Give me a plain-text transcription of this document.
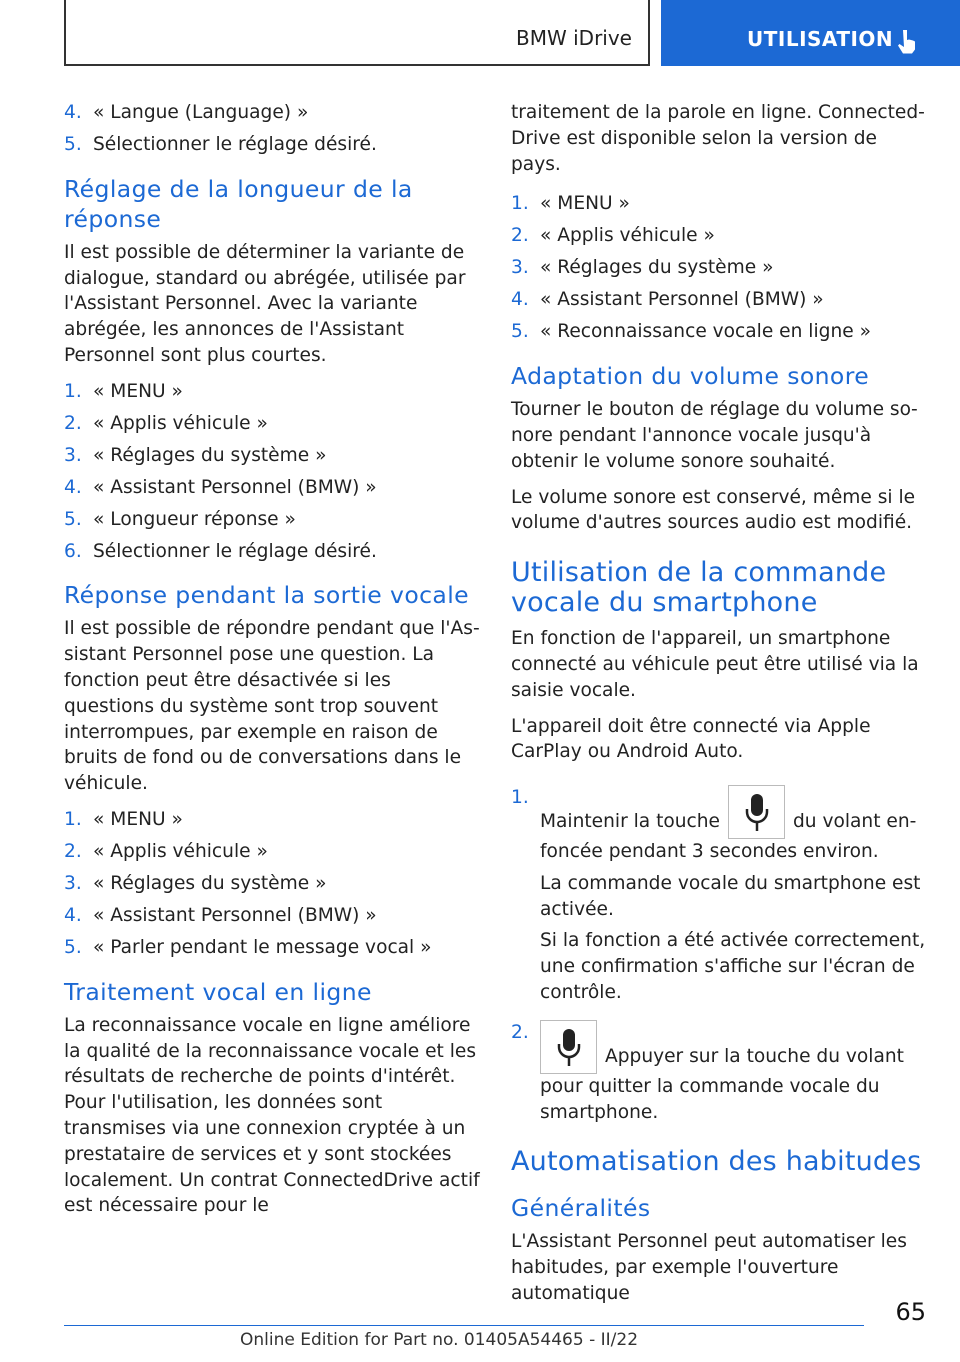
BMW iDrive	UTILISATION
4. « Langue (Language) »
5. Sélectionner le réglage désiré.
Réglage de la longueur de la réponse

Il est possible de déterminer la variante de dialogue, standard ou abrégée, utilisée par l'Assistant Personnel. Avec la variante abrégée, les annonces de l'Assistant Personnel sont plus courtes.

1. « MENU »
2. « Applis véhicule »
3. « Réglages du système »
4. « Assistant Personnel (BMW) »
5. « Longueur réponse »
6. Sélectionner le réglage désiré.
Réponse pendant la sortie vocale

Il est possible de répondre pendant que l'Assistant Personnel pose une question. La fonction peut être désactivée si les questions du système sont trop souvent interrompues, par exemple en raison de bruits de fond ou de conversations dans le véhicule.

1. « MENU »
2. « Applis véhicule »
3. « Réglages du système »
4. « Assistant Personnel (BMW) »
5. « Parler pendant le message vocal »
Traitement vocal en ligne

La reconnaissance vocale en ligne améliore la qualité de la reconnaissance vocale et les résultats de recherche de points d'intérêt. Pour l'utilisation, les données sont transmises via une connexion cryptée à un prestataire de services et y sont stockées localement. Un contrat ConnectedDrive actif est nécessaire pour le

traitement de la parole en ligne. ConnectedDrive est disponible selon la version de pays.

1. « MENU »
2. « Applis véhicule »
3. « Réglages du système »
4. « Assistant Personnel (BMW) »
5. « Reconnaissance vocale en ligne »
Adaptation du volume sonore

Tourner le bouton de réglage du volume sonore pendant l'annonce vocale jusqu'à obtenir le volume sonore souhaité.

Le volume sonore est conservé, même si le volume d'autres sources audio est modifié.

Utilisation de la commande vocale du smartphone

En fonction de l'appareil, un smartphone connecté au véhicule peut être utilisé via la saisie vocale.

L'appareil doit être connecté via Apple CarPlay ou Android Auto.

1.
Maintenir la touche	du volant enfoncée pendant 3 secondes environ.
La commande vocale du smartphone est activée.
Si la fonction a été activée correctement, une confirmation s'affiche sur l'écran de contrôle.
2.
Appuyer sur la touche du volant pour quitter la commande vocale du smartphone.
Automatisation des habitudes
Généralités

L'Assistant Personnel peut automatiser les habitudes, par exemple l'ouverture automatique

65
Online Edition for Part no. 01405A54465 - II/22
